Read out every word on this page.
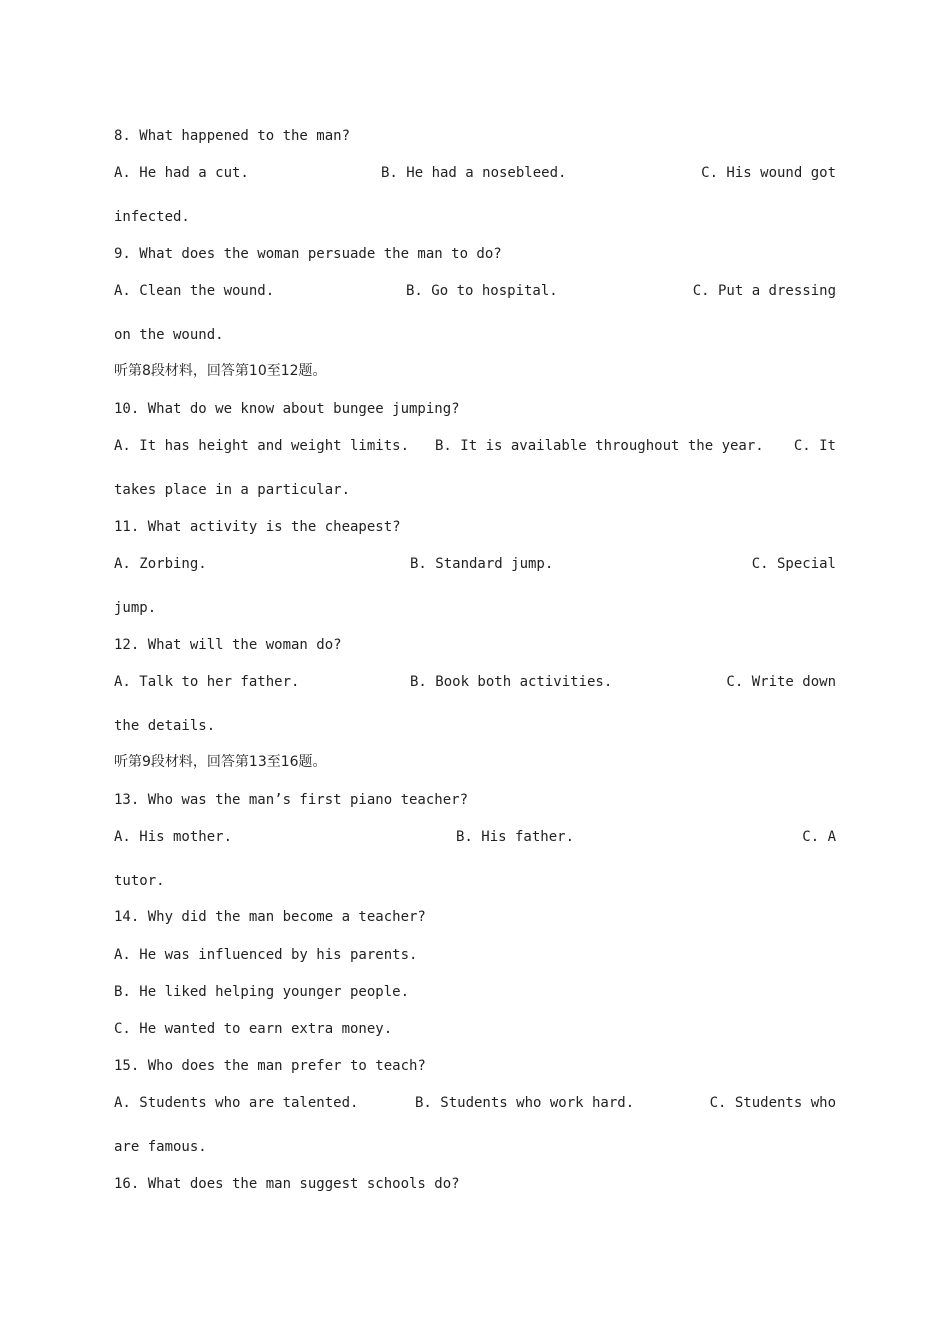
8. What happened to the man?
A. He had a cut.	B. He had a nosebleed.	C. His wound got
infected.
9. What does the woman persuade the man to do?
A. Clean the wound.	B. Go to hospital.	C. Put a dressing
on the wound.
听第8段材料，回答第10至12题。
10. What do we know about bungee jumping?
A. It has height and weight limits. B. It is available throughout the year. C. It
takes place in a particular.
11. What activity is the cheapest?
A. Zorbing.	B. Standard jump.	C. Special
jump.
12. What will the woman do?
A. Talk to her father.	B. Book both activities.	C. Write down
the details.
听第9段材料，回答第13至16题。
13. Who was the man’s first piano teacher?
A. His mother.	B. His father.	C. A
tutor.
14. Why did the man become a teacher?
A. He was influenced by his parents.
B. He liked helping younger people.
C. He wanted to earn extra money.
15. Who does the man prefer to teach?
A. Students who are talented.	B. Students who work hard.	C. Students who
are famous.
16. What does the man suggest schools do?
